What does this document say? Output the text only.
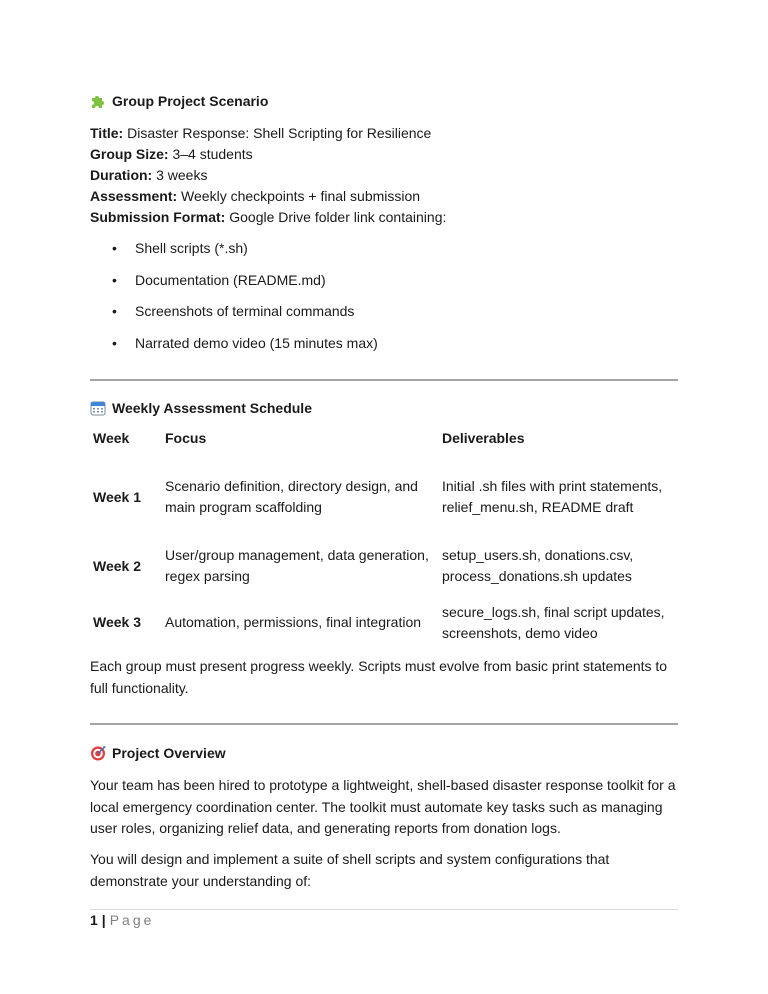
Group Project Scenario
Title: Disaster Response: Shell Scripting for Resilience
Group Size: 3–4 students
Duration: 3 weeks
Assessment: Weekly checkpoints + final submission
Submission Format: Google Drive folder link containing:
• Shell scripts (*.sh)
• Documentation (README.md)
• Screenshots of terminal commands
• Narrated demo video (15 minutes max)
Weekly Assessment Schedule
Week	Focus	Deliverables
Week 1	Scenario definition, directory design, and main program scaffolding	Initial .sh files with print statements, relief_menu.sh, README draft
Week 2	User/group management, data generation, regex parsing	setup_users.sh, donations.csv, process_donations.sh updates
Week 3	Automation, permissions, final integration	secure_logs.sh, final script updates, screenshots, demo video
Each group must present progress weekly. Scripts must evolve from basic print statements to full functionality.
Project Overview
Your team has been hired to prototype a lightweight, shell-based disaster response toolkit for a local emergency coordination center. The toolkit must automate key tasks such as managing user roles, organizing relief data, and generating reports from donation logs.
You will design and implement a suite of shell scripts and system configurations that demonstrate your understanding of:
1 | Page
